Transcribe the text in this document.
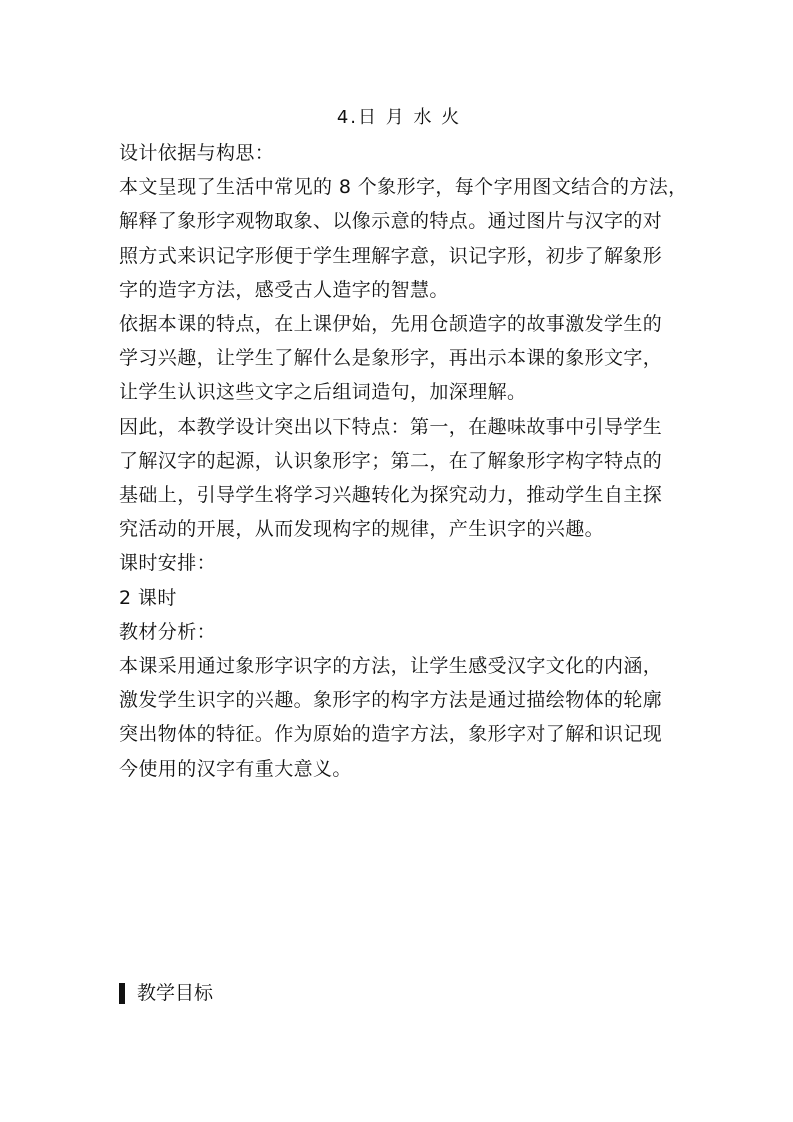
4.日 月 水 火

设计依据与构思：

本文呈现了生活中常见的 8 个象形字，每个字用图文结合的方法，

解释了象形字观物取象、以像示意的特点。通过图片与汉字的对

照方式来识记字形便于学生理解字意，识记字形，初步了解象形

字的造字方法，感受古人造字的智慧。

依据本课的特点，在上课伊始，先用仓颉造字的故事激发学生的

学习兴趣，让学生了解什么是象形字，再出示本课的象形文字，

让学生认识这些文字之后组词造句，加深理解。

因此，本教学设计突出以下特点：第一，在趣味故事中引导学生

了解汉字的起源，认识象形字；第二，在了解象形字构字特点的

基础上，引导学生将学习兴趣转化为探究动力，推动学生自主探

究活动的开展，从而发现构字的规律，产生识字的兴趣。

课时安排：

2 课时

教材分析：

本课采用通过象形字识字的方法，让学生感受汉字文化的内涵，

激发学生识字的兴趣。象形字的构字方法是通过描绘物体的轮廓

突出物体的特征。作为原始的造字方法，象形字对了解和识记现

今使用的汉字有重大意义。

教学目标
